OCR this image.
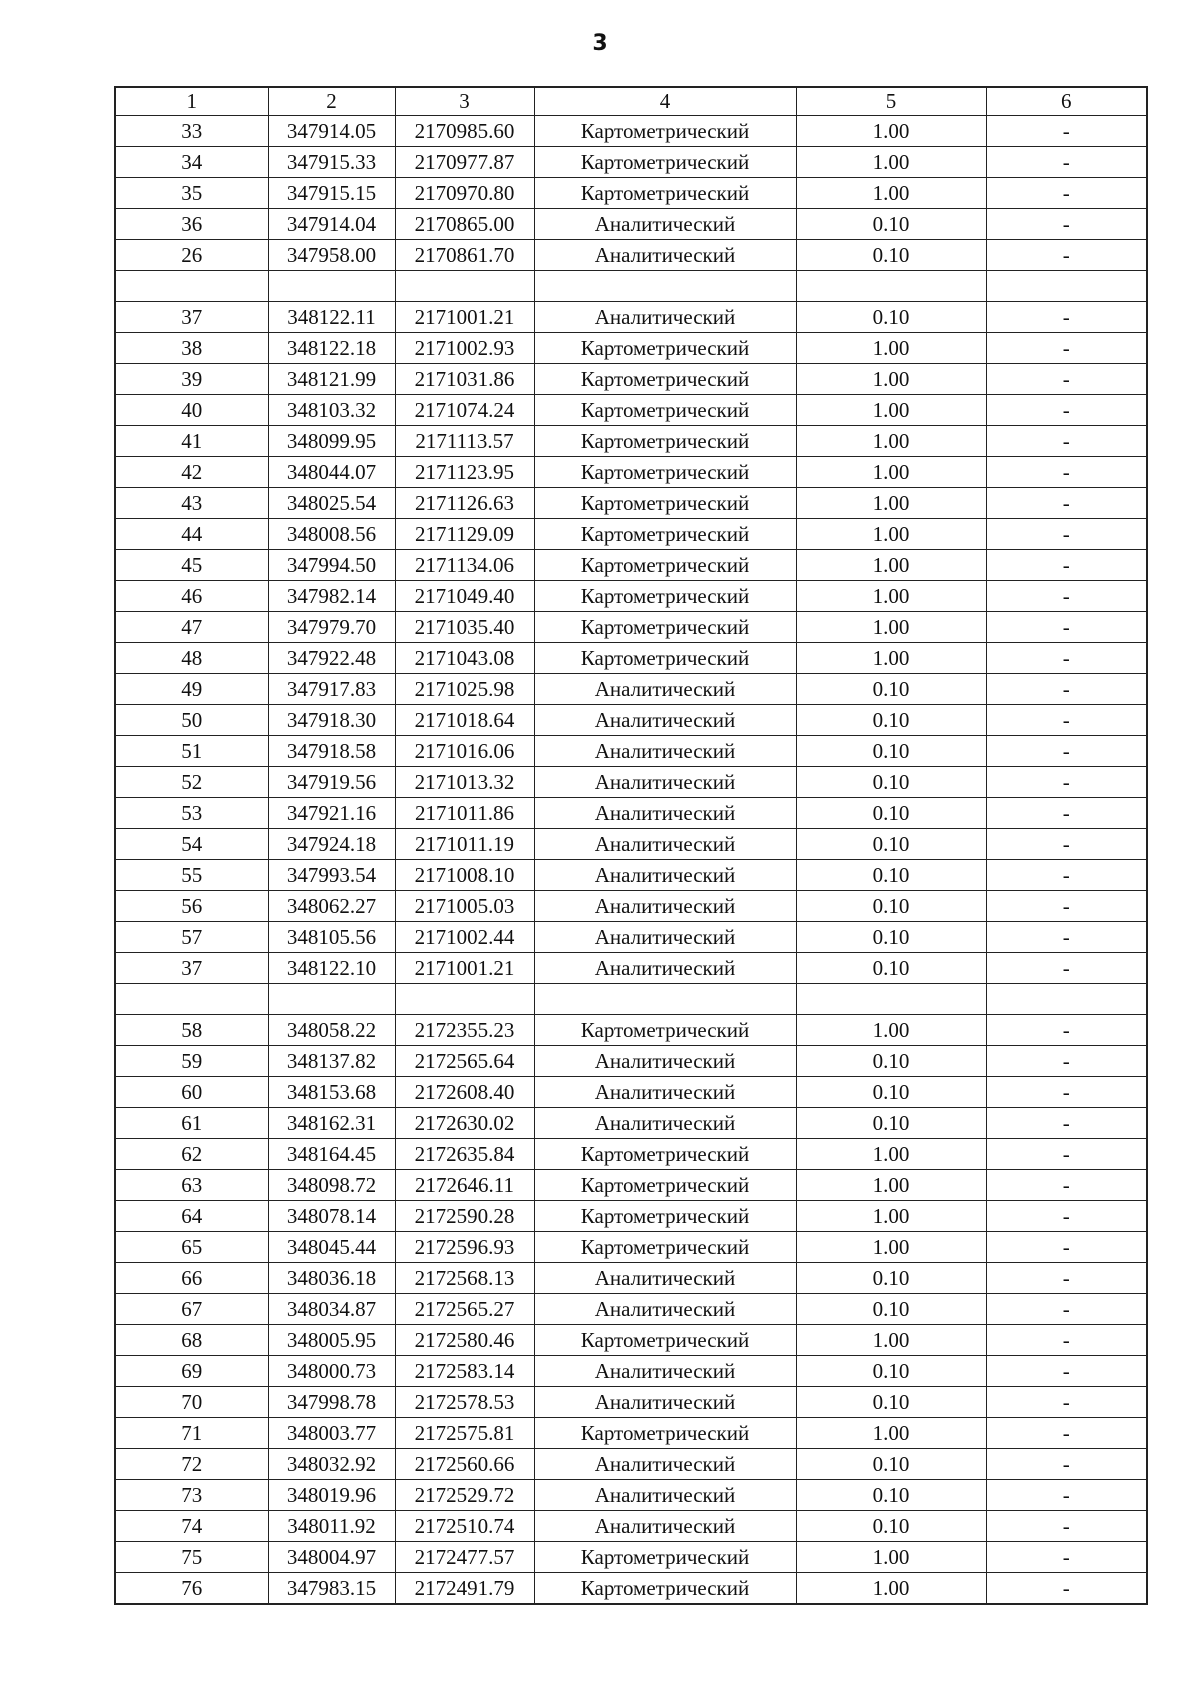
3
1	2	3	4	5	6
33	347914.05	2170985.60	Картометрический	1.00	-
34	347915.33	2170977.87	Картометрический	1.00	-
35	347915.15	2170970.80	Картометрический	1.00	-
36	347914.04	2170865.00	Аналитический	0.10	-
26	347958.00	2170861.70	Аналитический	0.10	-

37	348122.11	2171001.21	Аналитический	0.10	-
38	348122.18	2171002.93	Картометрический	1.00	-
39	348121.99	2171031.86	Картометрический	1.00	-
40	348103.32	2171074.24	Картометрический	1.00	-
41	348099.95	2171113.57	Картометрический	1.00	-
42	348044.07	2171123.95	Картометрический	1.00	-
43	348025.54	2171126.63	Картометрический	1.00	-
44	348008.56	2171129.09	Картометрический	1.00	-
45	347994.50	2171134.06	Картометрический	1.00	-
46	347982.14	2171049.40	Картометрический	1.00	-
47	347979.70	2171035.40	Картометрический	1.00	-
48	347922.48	2171043.08	Картометрический	1.00	-
49	347917.83	2171025.98	Аналитический	0.10	-
50	347918.30	2171018.64	Аналитический	0.10	-
51	347918.58	2171016.06	Аналитический	0.10	-
52	347919.56	2171013.32	Аналитический	0.10	-
53	347921.16	2171011.86	Аналитический	0.10	-
54	347924.18	2171011.19	Аналитический	0.10	-
55	347993.54	2171008.10	Аналитический	0.10	-
56	348062.27	2171005.03	Аналитический	0.10	-
57	348105.56	2171002.44	Аналитический	0.10	-
37	348122.10	2171001.21	Аналитический	0.10	-

58	348058.22	2172355.23	Картометрический	1.00	-
59	348137.82	2172565.64	Аналитический	0.10	-
60	348153.68	2172608.40	Аналитический	0.10	-
61	348162.31	2172630.02	Аналитический	0.10	-
62	348164.45	2172635.84	Картометрический	1.00	-
63	348098.72	2172646.11	Картометрический	1.00	-
64	348078.14	2172590.28	Картометрический	1.00	-
65	348045.44	2172596.93	Картометрический	1.00	-
66	348036.18	2172568.13	Аналитический	0.10	-
67	348034.87	2172565.27	Аналитический	0.10	-
68	348005.95	2172580.46	Картометрический	1.00	-
69	348000.73	2172583.14	Аналитический	0.10	-
70	347998.78	2172578.53	Аналитический	0.10	-
71	348003.77	2172575.81	Картометрический	1.00	-
72	348032.92	2172560.66	Аналитический	0.10	-
73	348019.96	2172529.72	Аналитический	0.10	-
74	348011.92	2172510.74	Аналитический	0.10	-
75	348004.97	2172477.57	Картометрический	1.00	-
76	347983.15	2172491.79	Картометрический	1.00	-
